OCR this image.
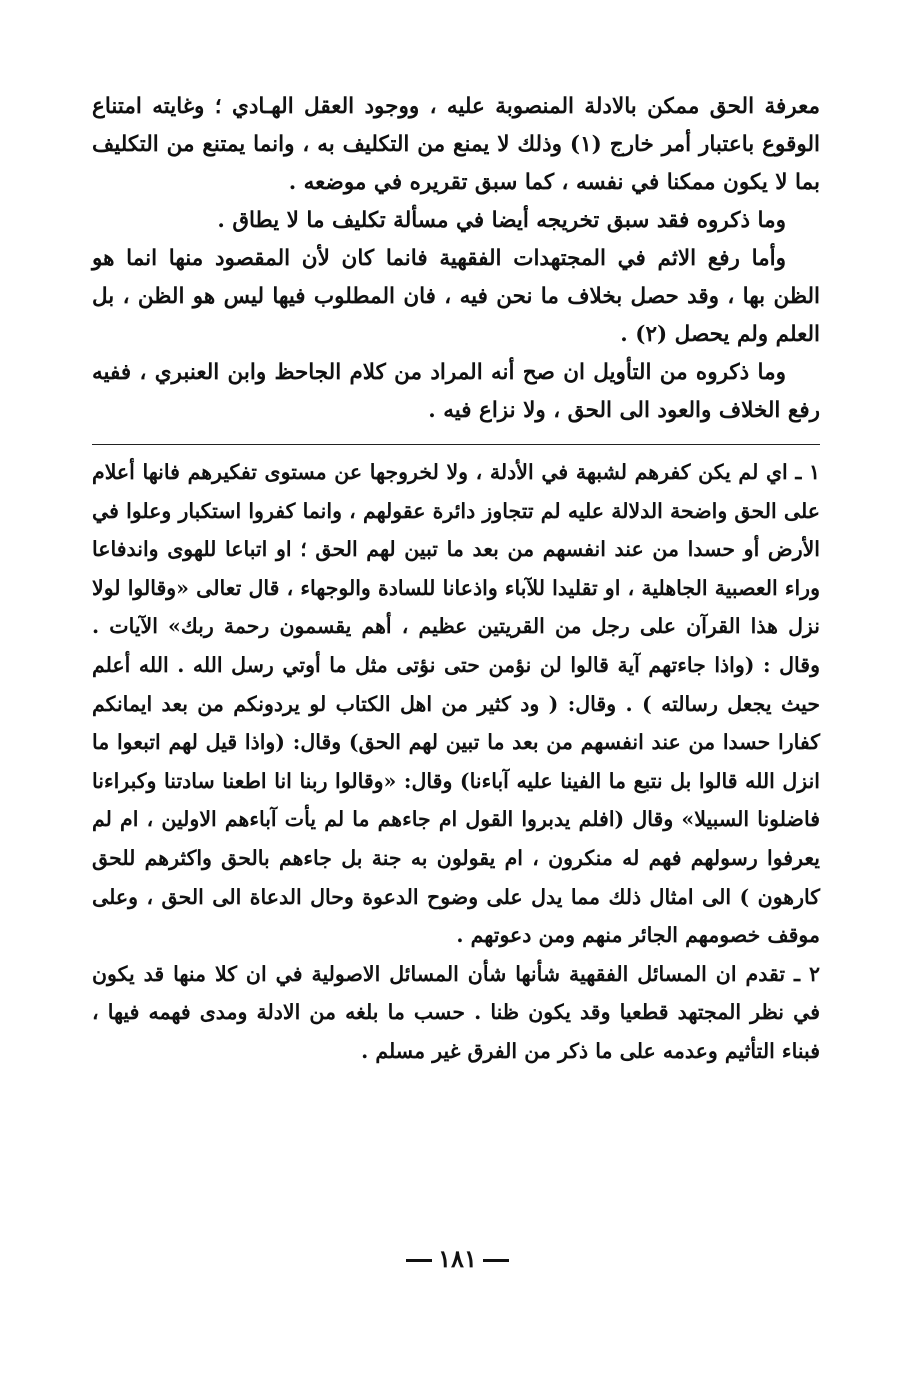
معرفة الحق ممكن بالادلة المنصوبة عليه ، ووجود العقل الهـادي ؛ وغايته امتناع الوقوع باعتبار أمر خارج (١) وذلك لا يمنع من التكليف به ، وانما يمتنع من التكليف بما لا يكون ممكنا في نفسه ، كما سبق تقريره في موضعه .

وما ذكروه فقد سبق تخريجه أيضا في مسألة تكليف ما لا يطاق .

وأما رفع الاثم في المجتهدات الفقهية فانما كان لأن المقصود منها انما هو الظن بها ، وقد حصل بخلاف ما نحن فيه ، فان المطلوب فيها ليس هو الظن ، بل العلم ولم يحصل (٢) .

وما ذكروه من التأويل ان صح أنه المراد من كلام الجاحظ وابن العنبري ، ففيه رفع الخلاف والعود الى الحق ، ولا نزاع فيه .

١ ـ اي لم يكن كفرهم لشبهة في الأدلة ، ولا لخروجها عن مستوى تفكيرهم فانها أعلام على الحق واضحة الدلالة عليه لم تتجاوز دائرة عقولهم ، وانما كفروا استكبار وعلوا في الأرض أو حسدا من عند انفسهم من بعد ما تبين لهم الحق ؛ او اتباعا للهوى واندفاعا وراء العصبية الجاهلية ، او تقليدا للآباء واذعانا للسادة والوجهاء ، قال تعالى «وقالوا لولا نزل هذا القرآن على رجل من القريتين عظيم ، أهم يقسمون رحمة ربك» الآيات . وقال : (واذا جاءتهم آية قالوا لن نؤمن حتى نؤتى مثل ما أوتي رسل الله . الله أعلم حيث يجعل رسالته ) . وقال: ( ود كثير من اهل الكتاب لو يردونكم من بعد ايمانكم كفارا حسدا من عند انفسهم من بعد ما تبين لهم الحق) وقال: (واذا قيل لهم اتبعوا ما انزل الله قالوا بل نتبع ما الفينا عليه آباءنا) وقال: «وقالوا ربنا انا اطعنا سادتنا وكبراءنا فاضلونا السبيلا» وقال (افلم يدبروا القول ام جاءهم ما لم يأت آباءهم الاولين ، ام لم يعرفوا رسولهم فهم له منكرون ، ام يقولون به جنة بل جاءهم بالحق واكثرهم للحق كارهون ) الى امثال ذلك مما يدل على وضوح الدعوة وحال الدعاة الى الحق ، وعلى موقف خصومهم الجائر منهم ومن دعوتهم .

٢ ـ تقدم ان المسائل الفقهية شأنها شأن المسائل الاصولية في ان كلا منها قد يكون في نظر المجتهد قطعيا وقد يكون ظنا . حسب ما بلغه من الادلة ومدى فهمه فيها ، فبناء التأثيم وعدمه على ما ذكر من الفرق غير مسلم .

١٨١
